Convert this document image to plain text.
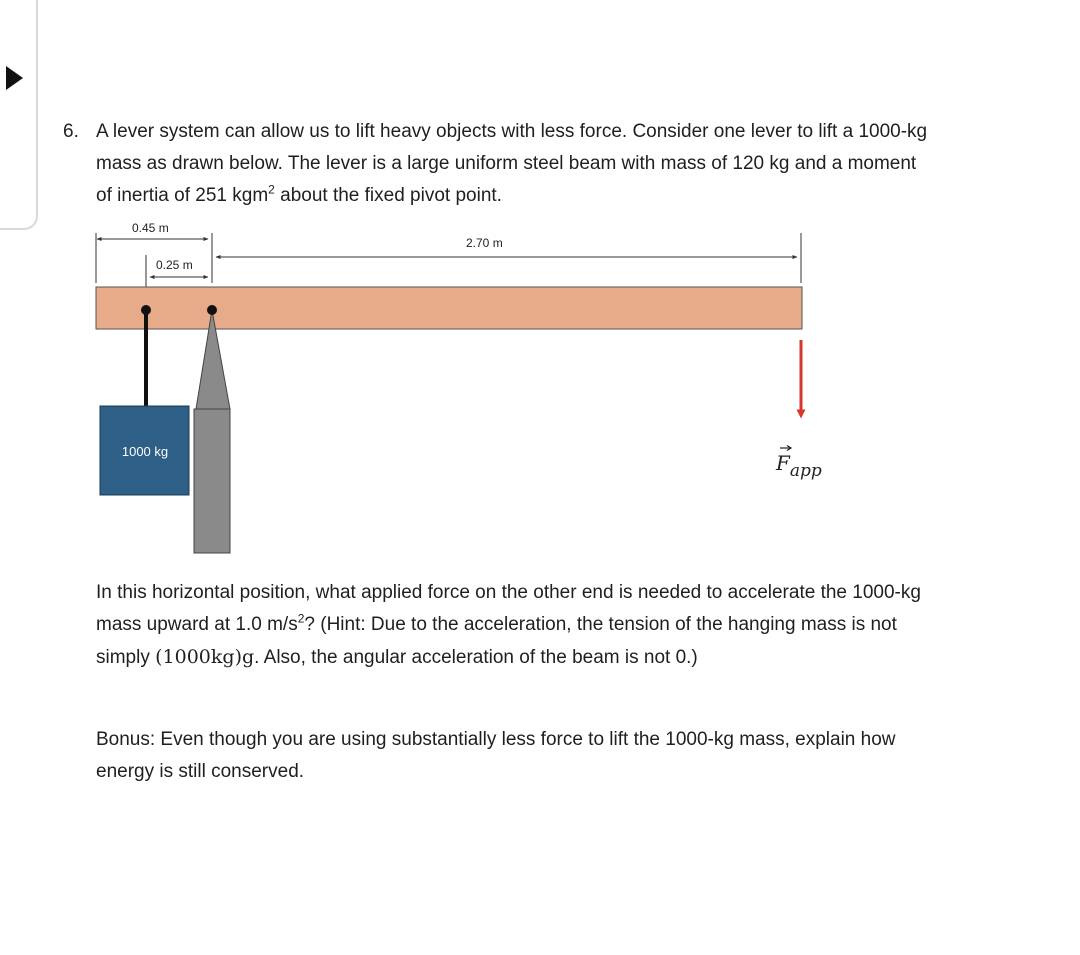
6. A lever system can allow us to lift heavy objects with less force. Consider one lever to lift a 1000-kg mass as drawn below. The lever is a large uniform steel beam with mass of 120 kg and a moment of inertia of 251 kgm$^2$ about the fixed pivot point.

0.45 m
0.25 m
2.70 m
1000 kg	$F_{app}$

In this horizontal position, what applied force on the other end is needed to accelerate the 1000-kg mass upward at 1.0 $m/s^2$? (Hint: Due to the acceleration, the tension of the hanging mass is not simply (1000kg)g. Also, the angular acceleration of the beam is not 0.)

Bonus: Even though you are using substantially less force to lift the 1000-kg mass, explain how energy is still conserved.
